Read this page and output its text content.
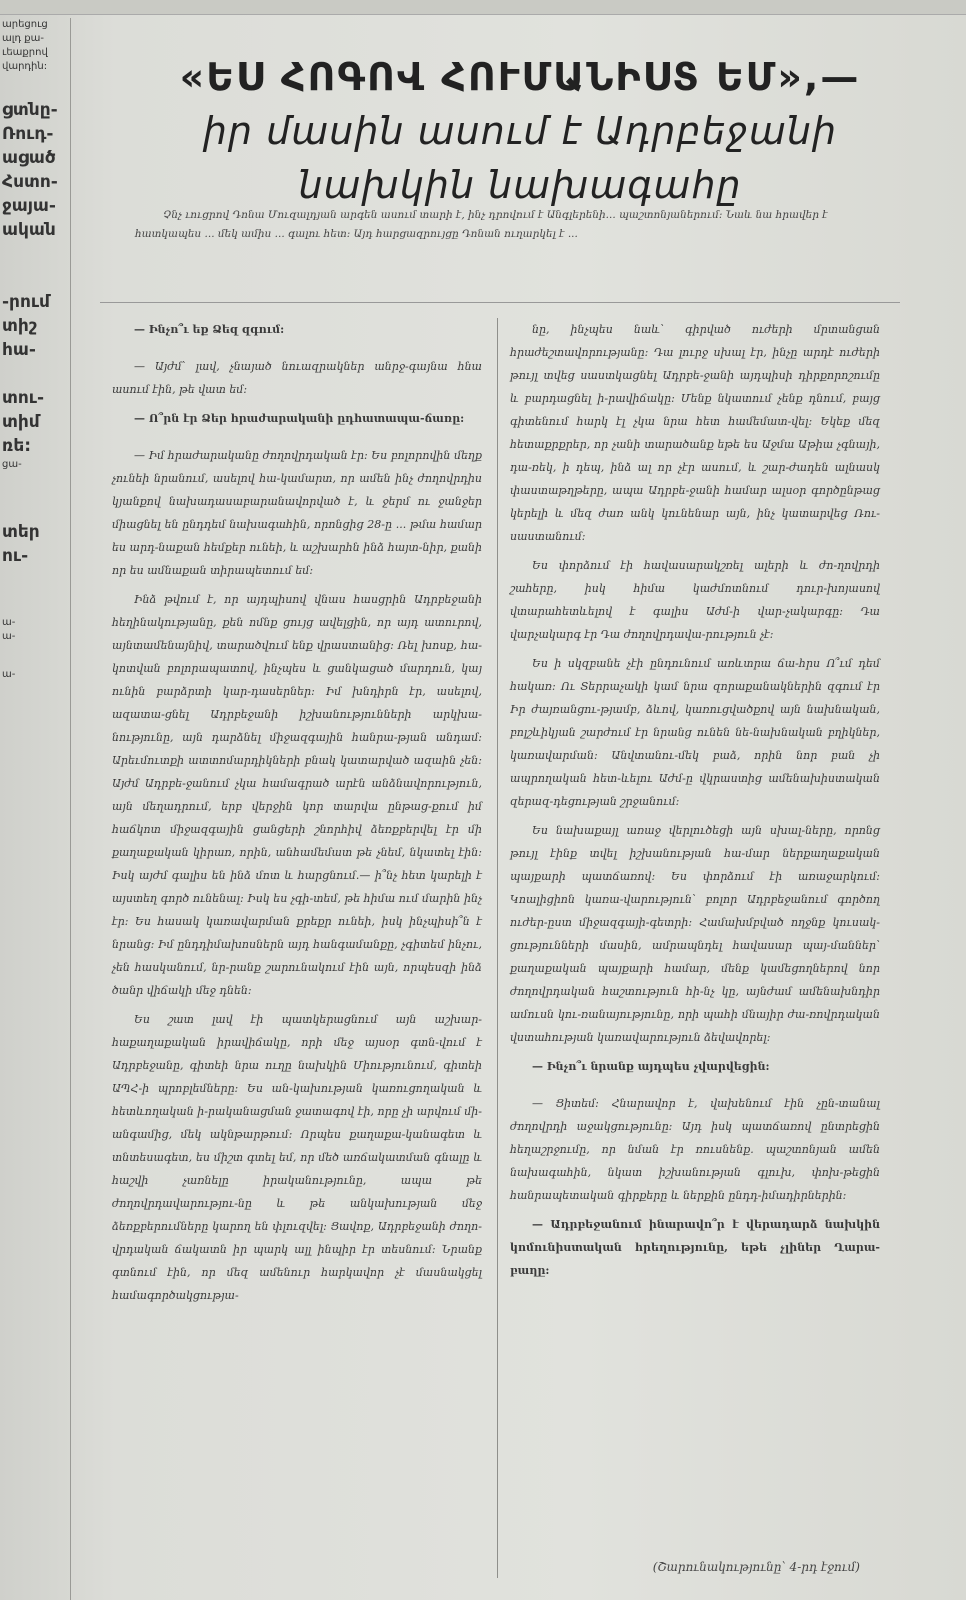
արեցուց
ալդ քա-
ւեաքրով
վարդին:
ցտնը-
Ռուդ-
ացած
Հստո-
ջայա-
ական
-րում
տիշ
հա-
տու-
տիմ
ռե:
ցա-
տեր
ու-
ա-
ա-
ա-
«ԵՍ ՀՈԳՈՎ ՀՈՒՄԱՆԻՍՏ ԵՄ»,—
իր մասին ասում է Ադրբեջանի
նախկին նախագահը
Չնչ ւուցրով Դոնա Մուզալդյան արգեն ասում տարի է, ինչ դրովում է Անգլերենի... պաշտոնյաներում: Նաև նա հրավեր է հատկապես ... մեկ ամիս ... գալու հետ: Այդ հարցազրույցը Դոնան ուղարկել է ...

— Ինչո՞ւ եք Ձեզ զգում:

— Այժմ՝ լավ, չնայած նուազրակներ անրջ-գայնա հնա ասում էին, թե վատ եմ:

— Ո՞րն էր Ձեր հրաժարականի ըդհատապա-ճառը:

— Իմ հրաժարականը ժողովրդական էր: Ես բոլորովին մեղք չունեի նրանում, ասելով հա-կամարտ, որ ամեն ինչ ժողովրդիս կյանքով նախադասաբարանավորված է, և ջերմ ու ջանջեր միացնել են ընդդեմ նախագահին, որոնցից 28-ը ... թմա համար ես արդ-նաքան հեմքեր ունեի, և աշխարհն ինձ հայտ-նիր, քանի որ ես ամնաքան տիրապետում եմ:

Ինձ թվում է, որ այդպիսով վնաս հասցրին Ադրբեջանի հեղինակությանը, քեն ոմնք ցույց ավելցին, որ այդ ատուրով, այնտամենայնիվ, տարածվում ենք վրաստանից: Ռել խոսք, հա-կոտվան բոլորապատով, ինչպես և ցանկացած մարդուն, կայ ունին բարձրտի կար-դասերներ: Իմ խնդիրն էր, ասելով, ազատա-ցնել Ադրբեջանի իշխանությունների արկխա-նությունը, այն դարձնել միջազգային հանրա-թյան անդամ: Արեւմուտքի ատտոմարդիկների բնակ կատարված ազաին չեն: Այժմ Ադրբե-ջանում չկա համագրած արէն անձնավորություն, այն մեղադրում, երբ վերջին կոր տարվա ընթաց-քում իմ հաճկոտ միջազգային ցանցերի շնորհիվ ձեռքբերվել էր մի քաղաքական կիրառ, որին, անհամեմատ թե չնեմ, նկատել էին: Իսկ այժմ գալիս են ինձ մոտ և հարցնում.— ի՞նչ հետ կարելի է այստեղ գործ ունենալ: Իսկ ես չգի-տեմ, թե հիմա ում մարին ինչ էր: Ես հասակ կառավարման քրեքր ունեի, իսկ ինչպիսի՞ն է նրանց: Իմ ընդդիմախոսներն այդ հանգամանքը, չգիտեմ ինչու, չեն հասկանում, նր-րանք շարունակում էին այն, որպեսզի ինձ ծանր վիճակի մեջ դնեն:

Ես շատ լավ էի պատկերացնում այն աշխար-հաքաղաքական իրավիճակը, որի մեջ այսօր գտն-վում է Ադրբեջանը, գիտեի նրա ուղը նախկին Միությունում, գիտեի ԱՊՀ-ի պրոբլեմները: Ես ան-կախության կառուցողական և հետևողական ի-րականացման ջատագով էի, որը չի արվում մի-անգամից, մեկ ակնթարթում: Որպես քաղաքա-կանագետ և տնտեսագետ, ես միշտ գտել եմ, որ մեծ առճակատման գնալը և հաշվի չառնելը իրականությունը, ապա թե ժողովրդավարությու-նը և թե անկախության մեջ ձեռքբերումները կարող են փլուզվել: Ցավոք, Ադրբեջանի ժողո-վրդական ճակատն իր պարկ ալլ ինպիր էր տեսնում: Նրանք գտնում էին, որ մեզ ամենուր հարկավոր չէ մասնակցել համագործակցությա-

նը, ինչպես նաև՝ գիրված ուժերի մրտանցան հրաժեշտավորությանը: Դա լուրջ սխալ էր, ինչը արդէ ուժերի թույլ տվեց սաստկացնել Ադրբե-ջանի այդպիսի դիրքորոշումը և բարդացնել ի-րավիճակը: Մենք նկատում չենք դնում, բայց գիտենում հարկ էլ չկա նրա հետ համեմատ-վել: Եկեք մեզ հետաքրքրեր, որ չանի տարածանք եթե ես Աջմա Աթիա չգնայի, դա-ռեկ, ի դեպ, ինձ ալ որ չէր ասում, և շար-ժադեն ալնասկ փաստաթղթերը, ապա Ադրբե-ջանի համար ալսօր գործընթաց կերելի և մեզ ժառ անկ կունենար այն, ինչ կատարվեց Ռու-սաստանում:

Ես փորձում էի հավասարակշռել ալերի և ժո-ղովրդի շահերը, իսկ հիմա կաժմոտնում դուր-խոյասով վտարահետևելով է գալիս Աժմ-ի վար-չակարգը: Դա վարչակարգ էր Դա ժողովրդավա-րություն չէ:

Ես ի սկզբանե չէի ընդունում առևտրա ճա-հրս Ո՞ւմ դեմ հակառ: Ու Տերրաչակի կամ նրա զորաքանակներին զգում էր Իր ժայռանցու-թյամբ, ձևով, կառուցվածքով այն նախնական, բոլշևիկյան շարժում էր նրանց ունեն նե-նախնական բղիկներ, կառավարման: Անվտանու-մեկ բաձ, որին նոր բան չի ապրողական հետ-ևելու Աժմ-ը վկրաստից ամենախիստական զերազ-դեցության շրջանում:

Ես նախաքայլ առաջ վերլուծեցի այն սխալ-ները, որոնց թույլ էինք տվել իշխանության հա-մար ներքաղաքական պայքարի պատճառով: Ես փորձում էի առաջարկում: Կոալիցիոն կառա-վարություն՝ բոլոր Ադրբեջանում գործող ուժեր-ըստ միջազգայի-գետրի: Համախմբված ողջնք կուսակ-ցությունների մասին, ամրապնդել հավասար պայ-մաններ՝ քաղաքական պայքարի համար, մենք կամեցողներով նոր ժողովրդական հաշտություն հի-նչ կը, այնժամ ամենախնդիր ամուսն կու-ռանայությունը, որի պահի մնայիր ժա-ռովրդական վստահության կառավարություն ձեվավորել:

— Ինչո՞ւ նրանք այդպես չվարվեցին:

— Ցիտեմ: Հնարավոր է, վախենում էին չըն-տանալ ժողովրդի աջակցությունը: Այդ իսկ պատճառով ընտրեցին հեղաշրջումը, որ նման էր ռուսնենք. պաշտոնյան ամեն նախագահին, նկատ իշխանության գլուխ, փոխ-թեցին հանրապետական գիրքերը և ներքին ընդդ-իմադիրներին:

— Ադրբեջանում ինարավո՞ր է վերադարձ նախկին կոմունիստական հրեղությունը, եթե չլիներ Ղարա-բաղը:

(Շարունակությունը՝ 4-րդ էջում)
